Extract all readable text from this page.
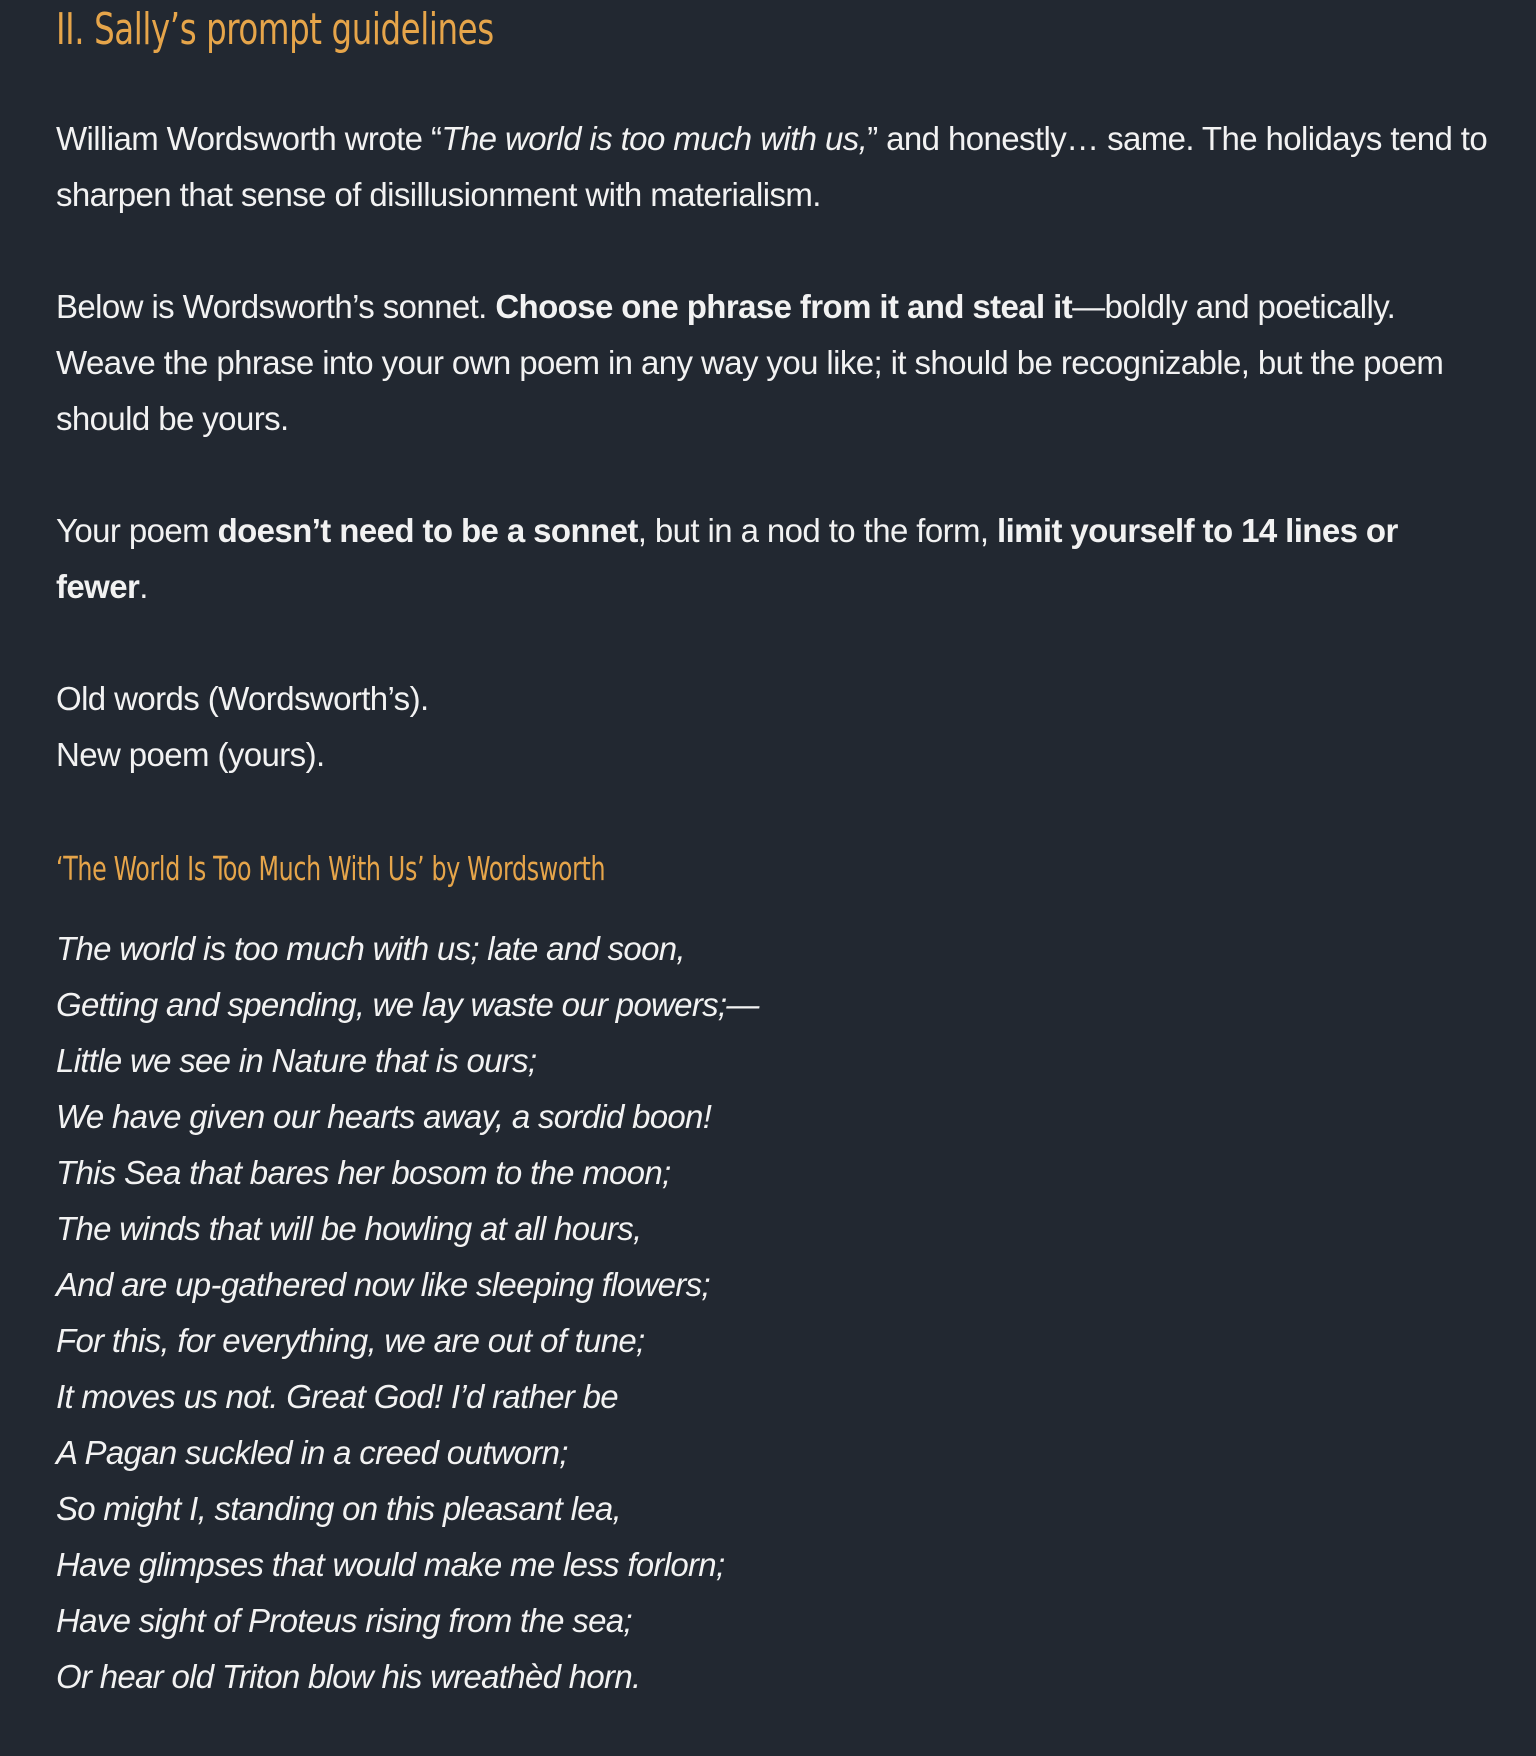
II. Sally’s prompt guidelines

William Wordsworth wrote “The world is too much with us,” and honestly… same. The holidays tend to sharpen that sense of disillusionment with materialism.

Below is Wordsworth’s sonnet. Choose one phrase from it and steal it—boldly and poetically. Weave the phrase into your own poem in any way you like; it should be recognizable, but the poem should be yours.

Your poem doesn’t need to be a sonnet, but in a nod to the form, limit yourself to 14 lines or fewer.

Old words (Wordsworth’s).
New poem (yours).

‘The World Is Too Much With Us’ by Wordsworth
The world is too much with us; late and soon,
Getting and spending, we lay waste our powers;—
Little we see in Nature that is ours;
We have given our hearts away, a sordid boon!
This Sea that bares her bosom to the moon;
The winds that will be howling at all hours,
And are up-gathered now like sleeping flowers;
For this, for everything, we are out of tune;
It moves us not. Great God! I’d rather be
A Pagan suckled in a creed outworn;
So might I, standing on this pleasant lea,
Have glimpses that would make me less forlorn;
Have sight of Proteus rising from the sea;
Or hear old Triton blow his wreathèd horn.
